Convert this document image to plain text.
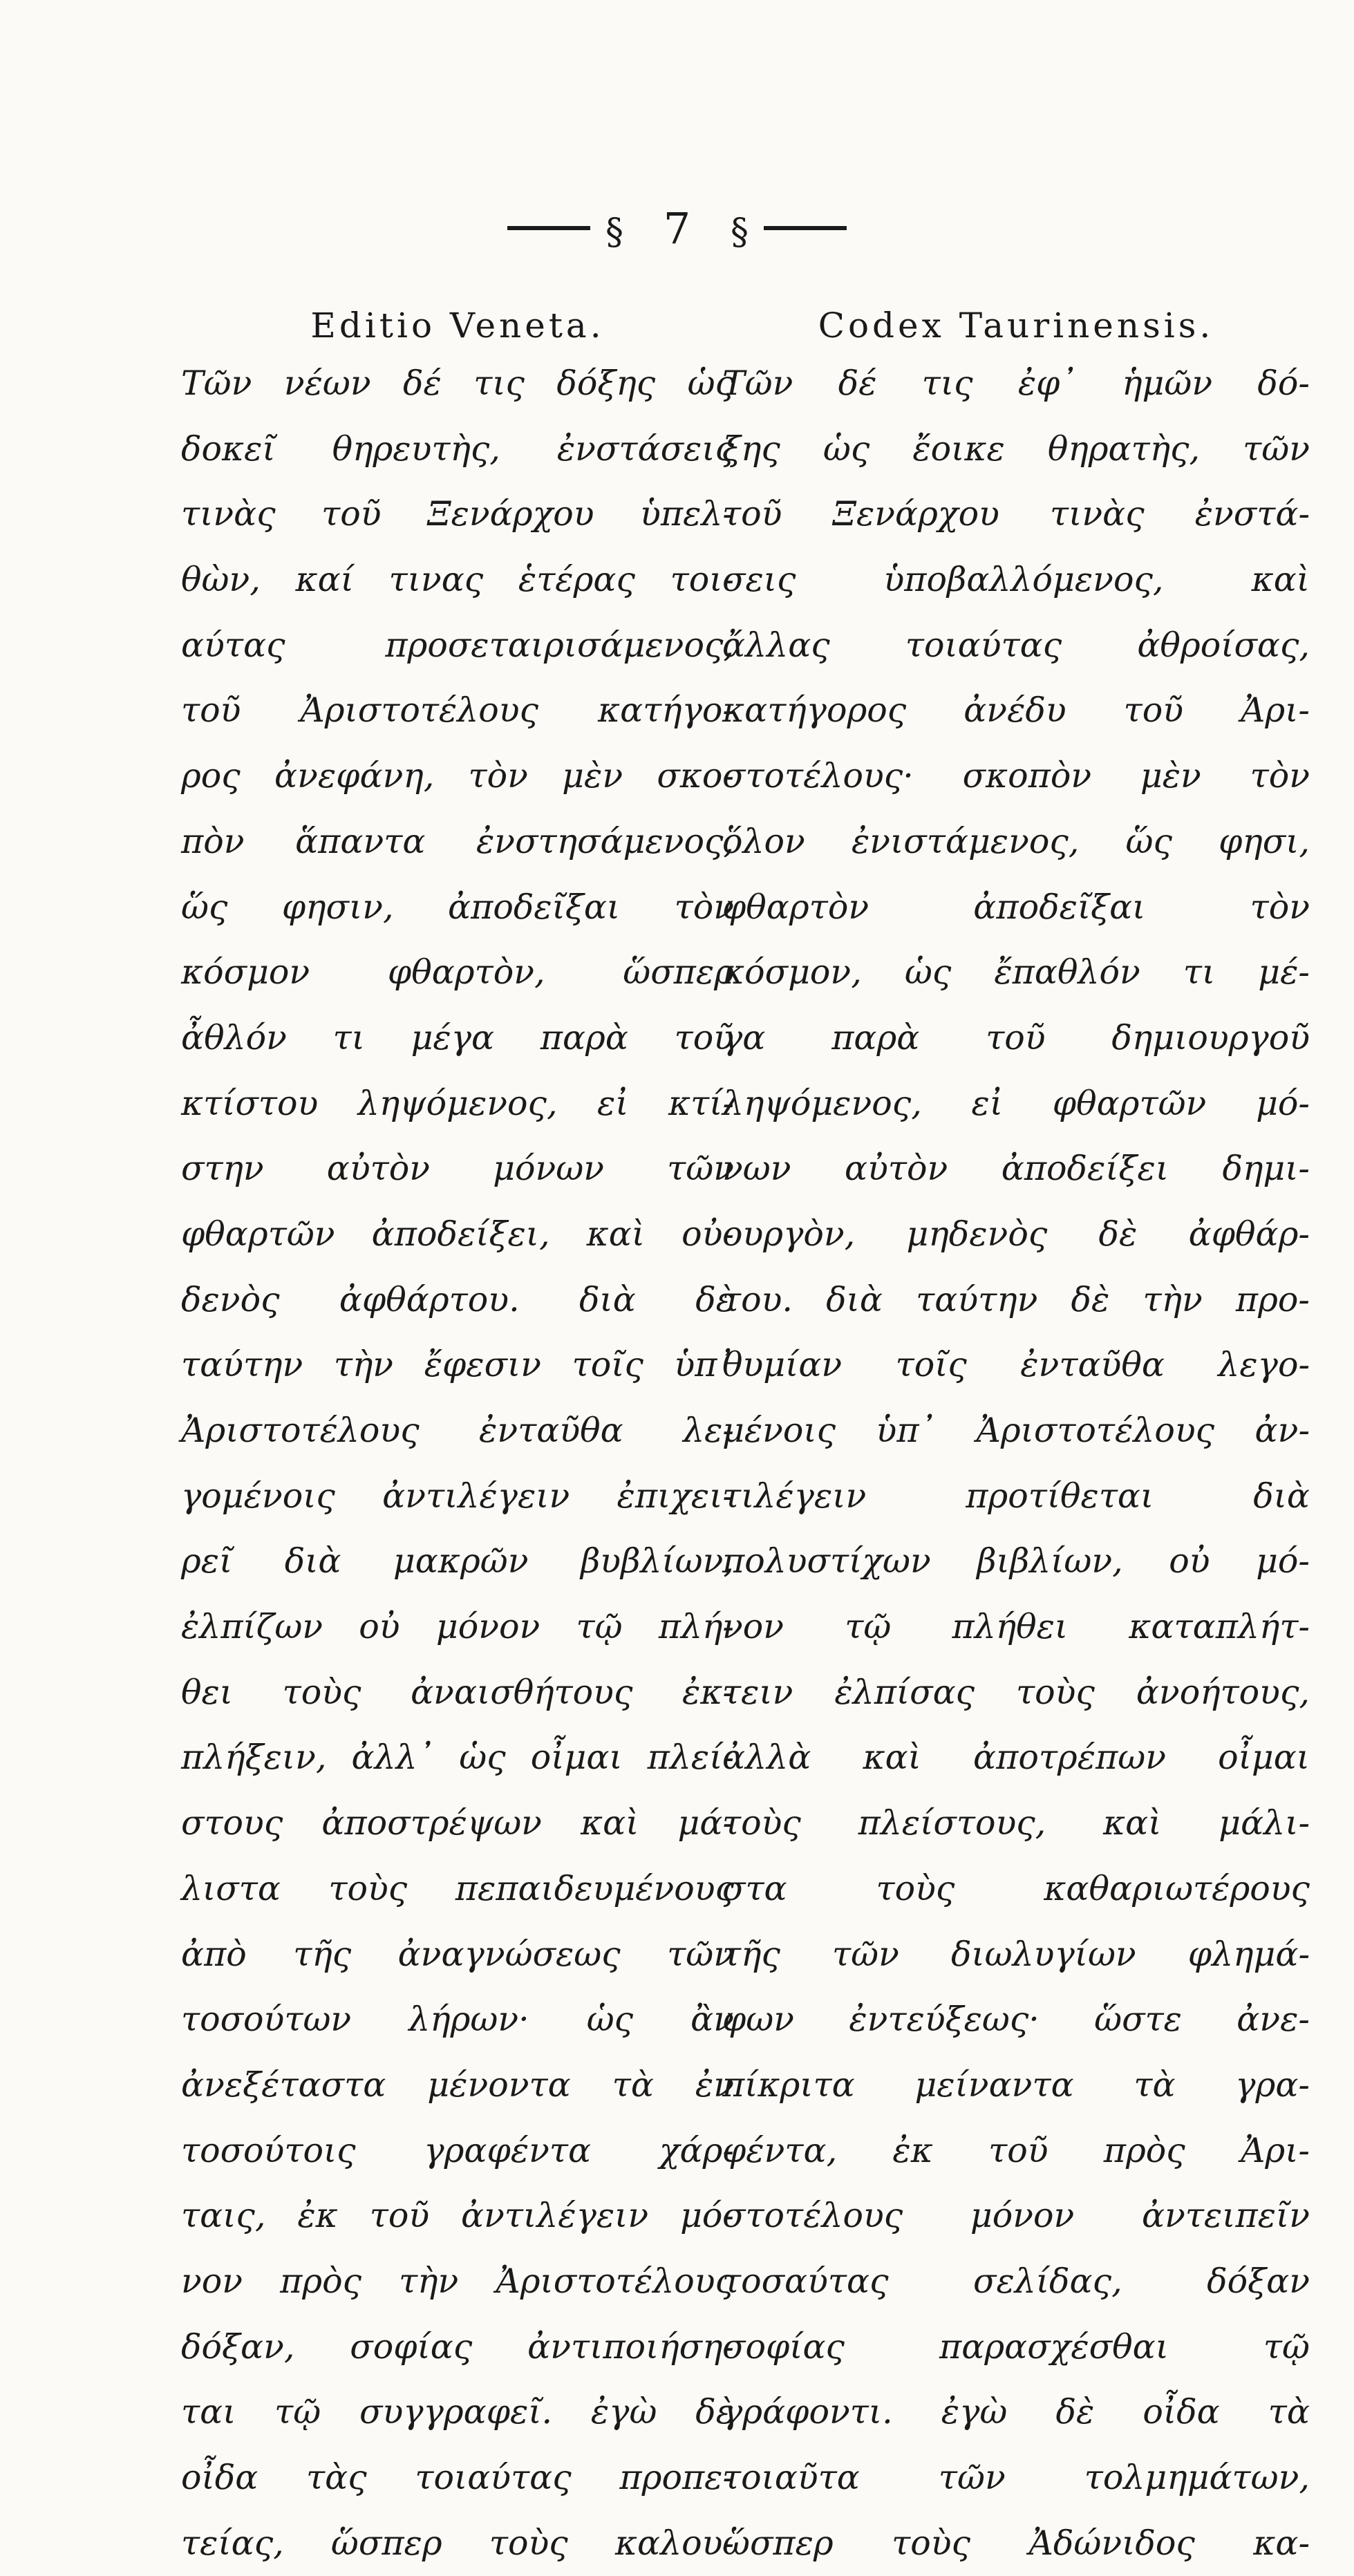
§ 7 §
Editio Veneta.
Τῶν νέων δέ τις δόξης ὡς
δοκεῖ θηρευτὴς, ἐνστάσεις
τινὰς τοῦ Ξενάρχου ὑπελ-
θὼν, καί τινας ἑτέρας τοι-
αύτας προσεταιρισάμενος,
τοῦ Ἀριστοτέλους κατήγο-
ρος ἀνεφάνη, τὸν μὲν σκο-
πὸν ἅπαντα ἐνστησάμενος,
ὥς φησιν, ἀποδεῖξαι τὸν
κόσμον φθαρτὸν, ὥσπερ
ἆθλόν τι μέγα παρὰ τοῦ
κτίστου ληψόμενος, εἰ κτί-
στην αὐτὸν μόνων τῶν
φθαρτῶν ἀποδείξει, καὶ οὐ-
δενὸς ἀφθάρτου. διὰ δὲ
ταύτην τὴν ἔφεσιν τοῖς ὑπ᾿
Ἀριστοτέλους ἐνταῦθα λε-
γομένοις ἀντιλέγειν ἐπιχει-
ρεῖ διὰ μακρῶν βυβλίων,
ἐλπίζων οὐ μόνον τῷ πλή-
θει τοὺς ἀναισθήτους ἐκ-
πλήξειν, ἀλλ᾿ ὡς οἶμαι πλεί-
στους ἀποστρέψων καὶ μά-
λιστα τοὺς πεπαιδευμένους
ἀπὸ τῆς ἀναγνώσεως τῶν
τοσούτων λήρων· ὡς ἂν
ἀνεξέταστα μένοντα τὰ ἐν
τοσούτοις γραφέντα χάρ-
ταις, ἐκ τοῦ ἀντιλέγειν μό-
νον πρὸς τὴν Ἀριστοτέλους
δόξαν, σοφίας ἀντιποιήση-
ται τῷ συγγραφεῖ. ἐγὼ δὲ
οἶδα τὰς τοιαύτας προπε-
τείας, ὥσπερ τοὺς καλου-
Codex Taurinensis.
Τῶν δέ τις ἐφ᾿ ἡμῶν δό-
ξης ὡς ἔοικε θηρατὴς, τῶν
τοῦ Ξενάρχου τινὰς ἐνστά-
σεις ὑποβαλλόμενος, καὶ
ἄλλας τοιαύτας ἀθροίσας,
κατήγορος ἀνέδυ τοῦ Ἀρι-
στοτέλους· σκοπὸν μὲν τὸν
ὅλον ἐνιστάμενος, ὥς φησι,
φθαρτὸν ἀποδεῖξαι τὸν
κόσμον, ὡς ἔπαθλόν τι μέ-
γα παρὰ τοῦ δημιουργοῦ
ληψόμενος, εἰ φθαρτῶν μό-
νων αὐτὸν ἀποδείξει δημι-
ουργὸν, μηδενὸς δὲ ἀφθάρ-
του. διὰ ταύτην δὲ τὴν προ-
θυμίαν τοῖς ἐνταῦθα λεγο-
μένοις ὑπ᾿ Ἀριστοτέλους ἀν-
τιλέγειν προτίθεται διὰ
πολυστίχων βιβλίων, οὐ μό-
νον τῷ πλήθει καταπλήτ-
τειν ἐλπίσας τοὺς ἀνοήτους,
ἀλλὰ καὶ ἀποτρέπων οἶμαι
τοὺς πλείστους, καὶ μάλι-
στα τοὺς καθαριωτέρους
τῆς τῶν διωλυγίων φλημά-
φων ἐντεύξεως· ὥστε ἀνε-
πίκριτα μείναντα τὰ γρα-
φέντα, ἐκ τοῦ πρὸς Ἀρι-
στοτέλους μόνον ἀντειπεῖν
τοσαύτας σελίδας, δόξαν
σοφίας παρασχέσθαι τῷ
γράφοντι. ἐγὼ δὲ οἶδα τὰ
τοιαῦτα τῶν τολμημάτων,
ὥσπερ τοὺς Ἀδώνιδος κα-
